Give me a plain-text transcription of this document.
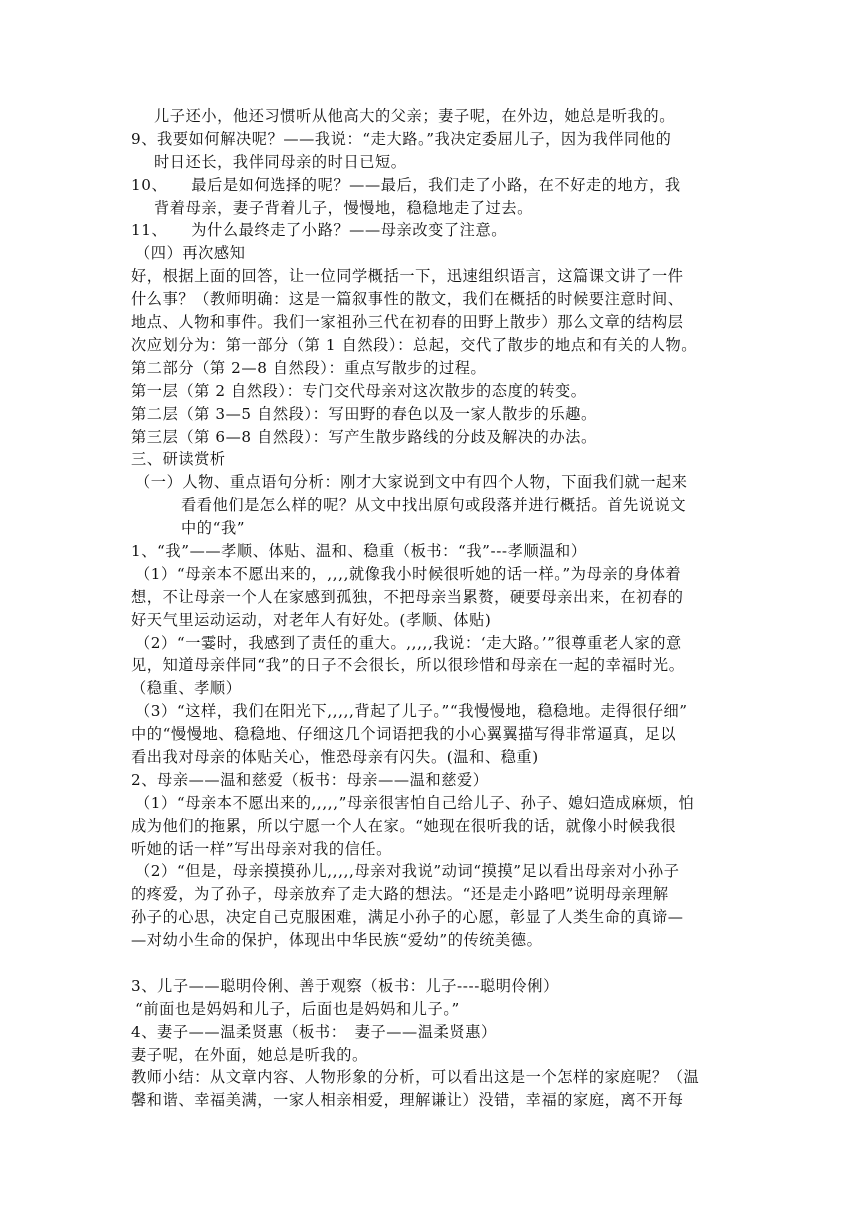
儿子还小，他还习惯听从他高大的父亲；妻子呢，在外边，她总是听我的。
9、我要如何解决呢？——我说：“走大路。”我决定委屈儿子，因为我伴同他的
时日还长，我伴同母亲的时日已短。
10、　　最后是如何选择的呢？——最后，我们走了小路，在不好走的地方，我
背着母亲，妻子背着儿子，慢慢地，稳稳地走了过去。
11、　　为什么最终走了小路？——母亲改变了注意。
（四）再次感知
好，根据上面的回答，让一位同学概括一下，迅速组织语言，这篇课文讲了一件
什么事？（教师明确：这是一篇叙事性的散文，我们在概括的时候要注意时间、
地点、人物和事件。我们一家祖孙三代在初春的田野上散步）那么文章的结构层
次应划分为：第一部分（第 1 自然段）：总起，交代了散步的地点和有关的人物。
第二部分（第 2—8 自然段）：重点写散步的过程。
第一层（第 2 自然段）：专门交代母亲对这次散步的态度的转变。
第二层（第 3—5 自然段）：写田野的春色以及一家人散步的乐趣。
第三层（第 6—8 自然段）：写产生散步路线的分歧及解决的办法。
三、研读赏析
（一）人物、重点语句分析：刚才大家说到文中有四个人物，下面我们就一起来
看看他们是怎么样的呢？从文中找出原句或段落并进行概括。首先说说文
中的“我”
1、“我”——孝顺、体贴、温和、稳重（板书：“我”---孝顺温和）
（1）“母亲本不愿出来的，,,,,就像我小时候很听她的话一样。”为母亲的身体着
想，不让母亲一个人在家感到孤独，不把母亲当累赘，硬要母亲出来，在初春的
好天气里运动运动，对老年人有好处。(孝顺、体贴)
（2）“一霎时，我感到了责任的重大。,,,,,我说：‘走大路。’”很尊重老人家的意
见，知道母亲伴同“我”的日子不会很长，所以很珍惜和母亲在一起的幸福时光。
（稳重、孝顺）
（3）“这样，我们在阳光下,,,,,背起了儿子。”“我慢慢地，稳稳地。走得很仔细”
中的“慢慢地、稳稳地、仔细这几个词语把我的小心翼翼描写得非常逼真，足以
看出我对母亲的体贴关心，惟恐母亲有闪失。(温和、稳重)
2、母亲——温和慈爱（板书：母亲——温和慈爱）
（1）“母亲本不愿出来的,,,,,”母亲很害怕自己给儿子、孙子、媳妇造成麻烦，怕
成为他们的拖累，所以宁愿一个人在家。“她现在很听我的话，就像小时候我很
听她的话一样”写出母亲对我的信任。
（2）“但是，母亲摸摸孙儿,,,,,母亲对我说”动词“摸摸”足以看出母亲对小孙子
的疼爱，为了孙子，母亲放弃了走大路的想法。“还是走小路吧”说明母亲理解
孙子的心思，决定自己克服困难，满足小孙子的心愿，彰显了人类生命的真谛—
—对幼小生命的保护，体现出中华民族“爱幼”的传统美德。
3、儿子——聪明伶俐、善于观察（板书：儿子----聪明伶俐）
“前面也是妈妈和儿子，后面也是妈妈和儿子。”
4、妻子——温柔贤惠（板书：　妻子——温柔贤惠）
妻子呢，在外面，她总是听我的。
教师小结：从文章内容、人物形象的分析，可以看出这是一个怎样的家庭呢？（温
馨和谐、幸福美满，一家人相亲相爱，理解谦让）没错，幸福的家庭，离不开每
